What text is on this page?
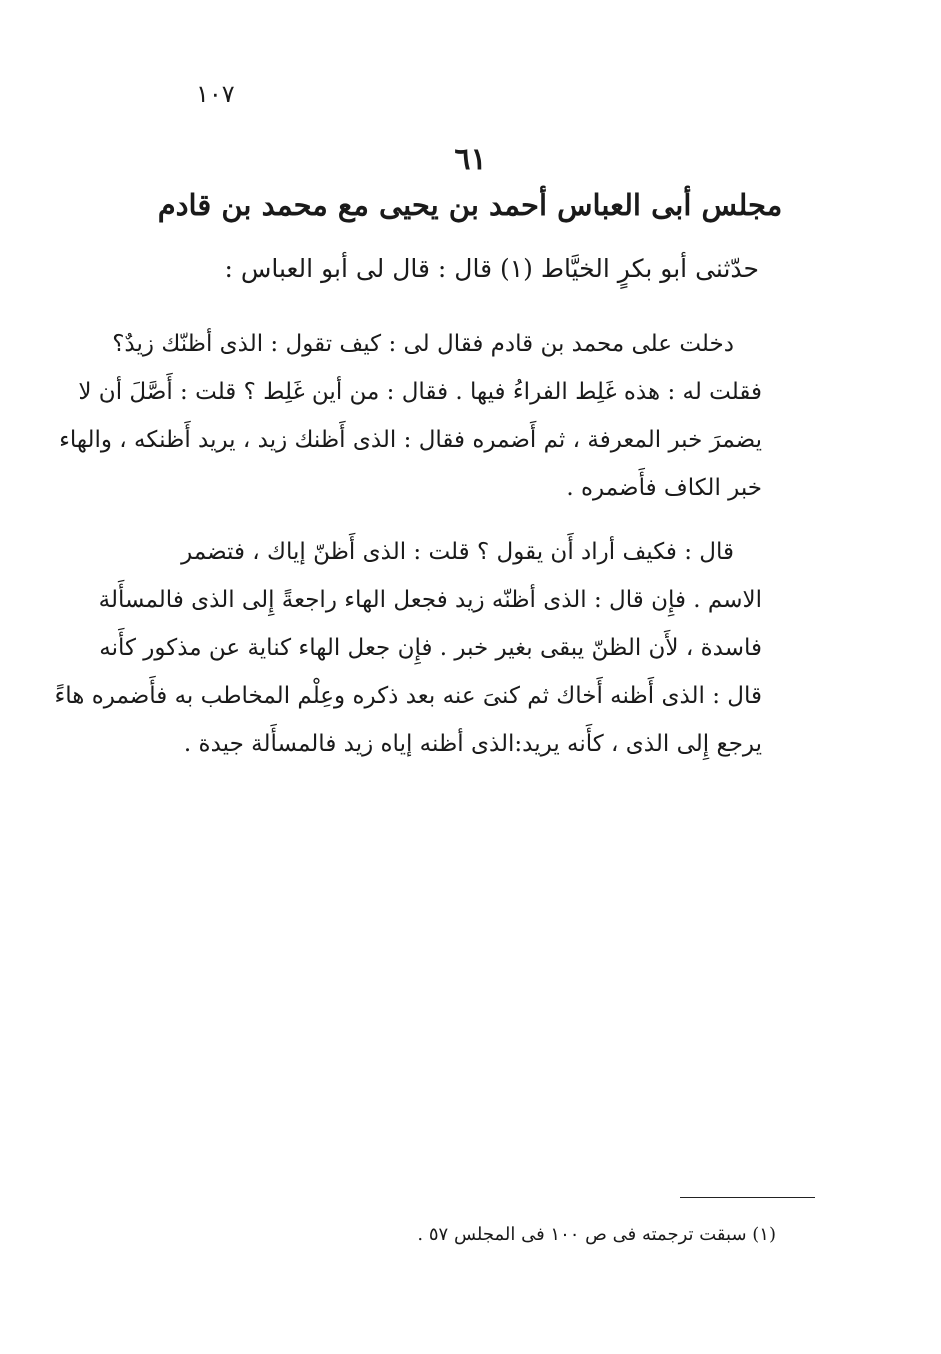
١٠٧
٦١
مجلس أبى العباس أحمد بن يحيى مع محمد بن قادم
حدّثنى أبو بكرٍ الخيَّاط (١) قال : قال لى أبو العباس :
دخلت على محمد بن قادم فقال لى : كيف تقول : الذى أظنّك زيدٌ؟
فقلت له : هذه غَلِط الفراءُ فيها . فقال : من أين غَلِط ؟ قلت : أَصَّلَ أن لا
يضمرَ خبر المعرفة ، ثم أَضمره فقال : الذى أَظنك زيد ، يريد أَظنكه ، والهاء
خبر الكاف فأَضمره .
قال : فكيف أراد أَن يقول ؟ قلت : الذى أَظنّ إياك ، فتضمر
الاسم . فإِن قال : الذى أظنّه زيد فجعل الهاء راجعةً إِلى الذى فالمسأَلة
فاسدة ، لأَن الظنّ يبقى بغير خبر . فإِن جعل الهاء كناية عن مذكور كأَنه
قال : الذى أَظنه أَخاك ثم كنىَ عنه بعد ذكره وعِلْم المخاطب به فأَضمره هاءً
يرجع إِلى الذى ، كأَنه يريد:الذى أظنه إياه زيد فالمسأَلة جيدة .
(١) سبقت ترجمته فى ص ١٠٠ فى المجلس ٥٧ .
